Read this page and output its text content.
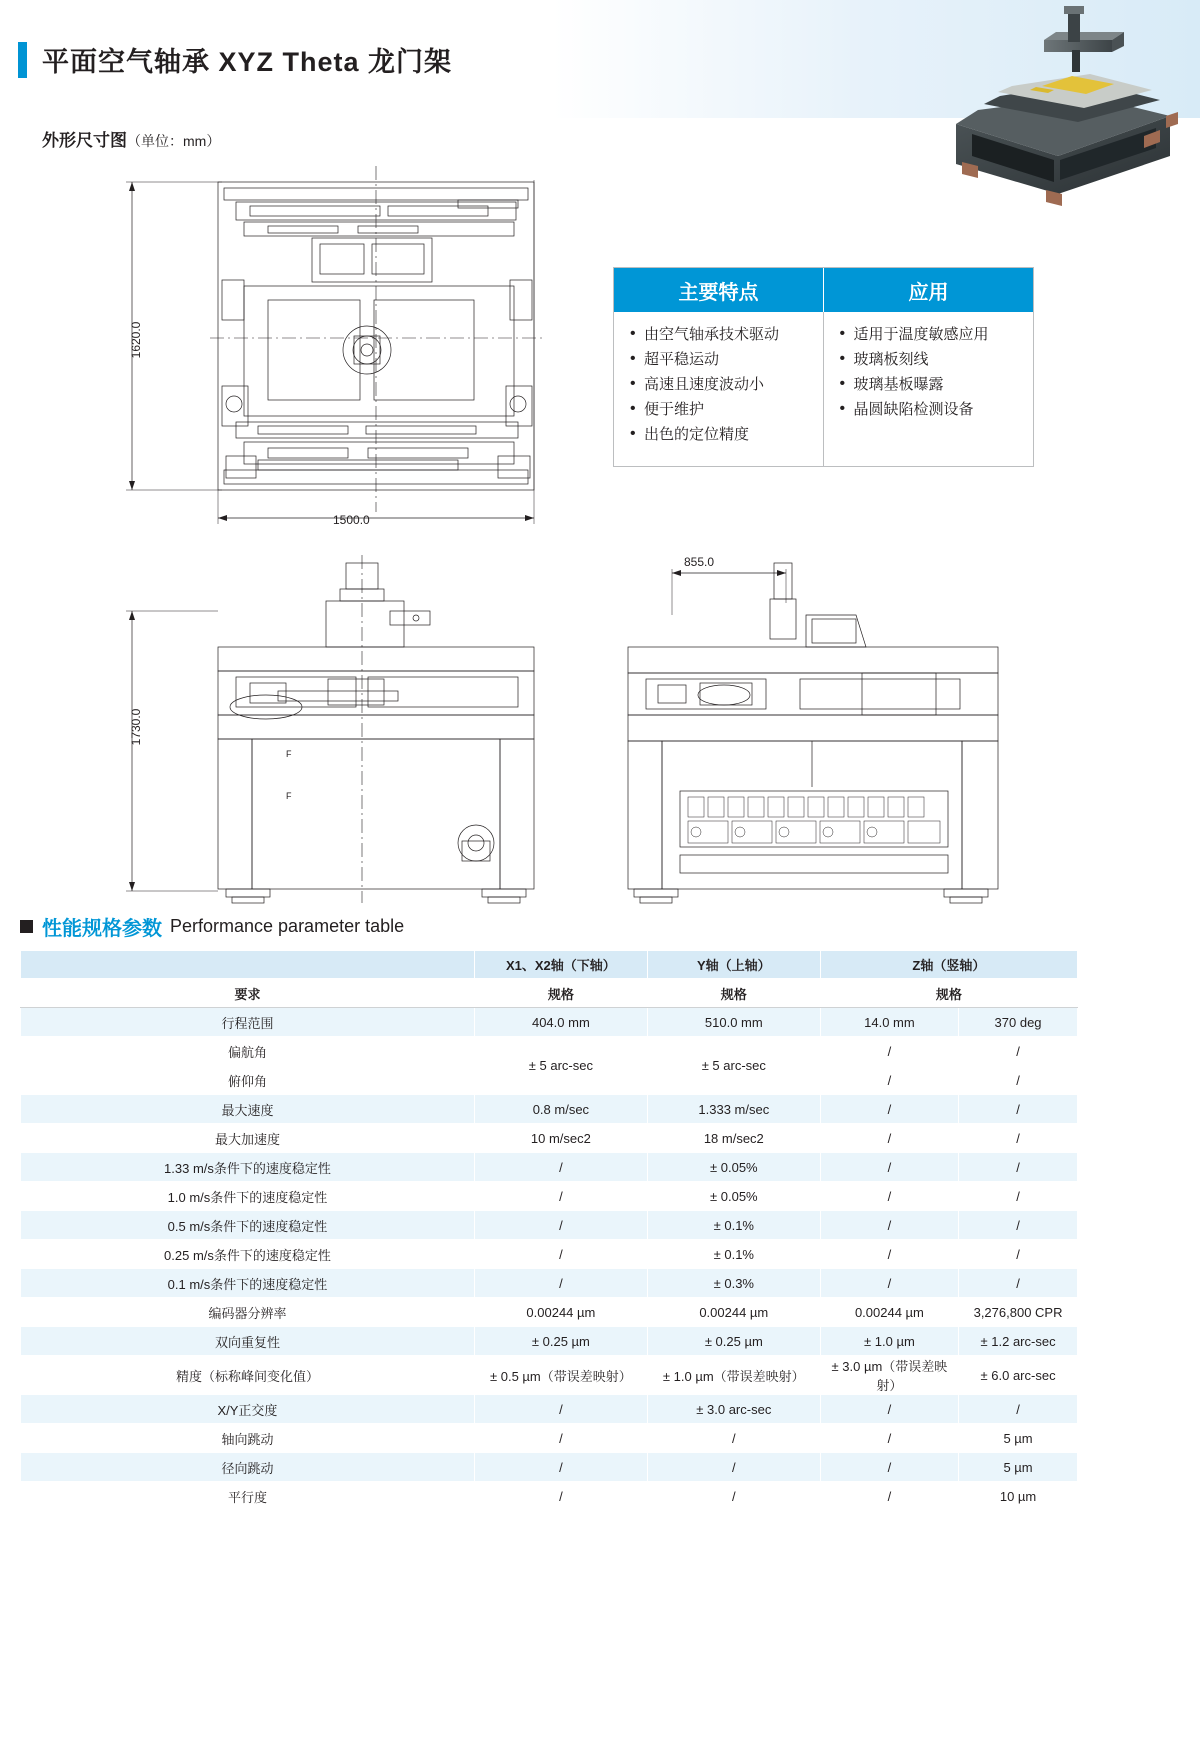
平面空气轴承 XYZ Theta 龙门架
外形尺寸图（单位：mm）
1620.0
1500.0
F
F
1730.0
855.0
主要特点	应用
• 由空气轴承技术驱动
• 超平稳运动
• 高速且速度波动小
• 便于维护
• 出色的定位精度
• 适用于温度敏感应用
• 玻璃板刻线
• 玻璃基板曝露
• 晶圆缺陷检测设备
性能规格参数 Performance parameter table
	X1、X2轴（下轴）	Y轴（上轴）	Z轴（竖轴）	
要求	规格	规格	规格	
行程范围	404.0 mm	510.0 mm	14.0 mm	370 deg
偏航角	± 5 arc-sec	± 5 arc-sec	/	/
俯仰角			/	/
最大速度	0.8 m/sec	1.333 m/sec	/	/
最大加速度	10 m/sec2	18 m/sec2	/	/
1.33 m/s条件下的速度稳定性	/	± 0.05%	/	/
1.0 m/s条件下的速度稳定性	/	± 0.05%	/	/
0.5 m/s条件下的速度稳定性	/	± 0.1%	/	/
0.25 m/s条件下的速度稳定性	/	± 0.1%	/	/
0.1 m/s条件下的速度稳定性	/	± 0.3%	/	/
编码器分辨率	0.00244 µm	0.00244 µm	0.00244 µm	3,276,800 CPR
双向重复性	± 0.25 µm	± 0.25 µm	± 1.0 µm	± 1.2 arc-sec
精度（标称峰间变化值）	± 0.5 µm（带误差映射）	± 1.0 µm（带误差映射）	± 3.0 µm（带误差映射）	± 6.0 arc-sec
X/Y正交度	/	± 3.0 arc-sec	/	/
轴向跳动	/	/	/	5 µm
径向跳动	/	/	/	5 µm
平行度	/	/	/	10 µm
